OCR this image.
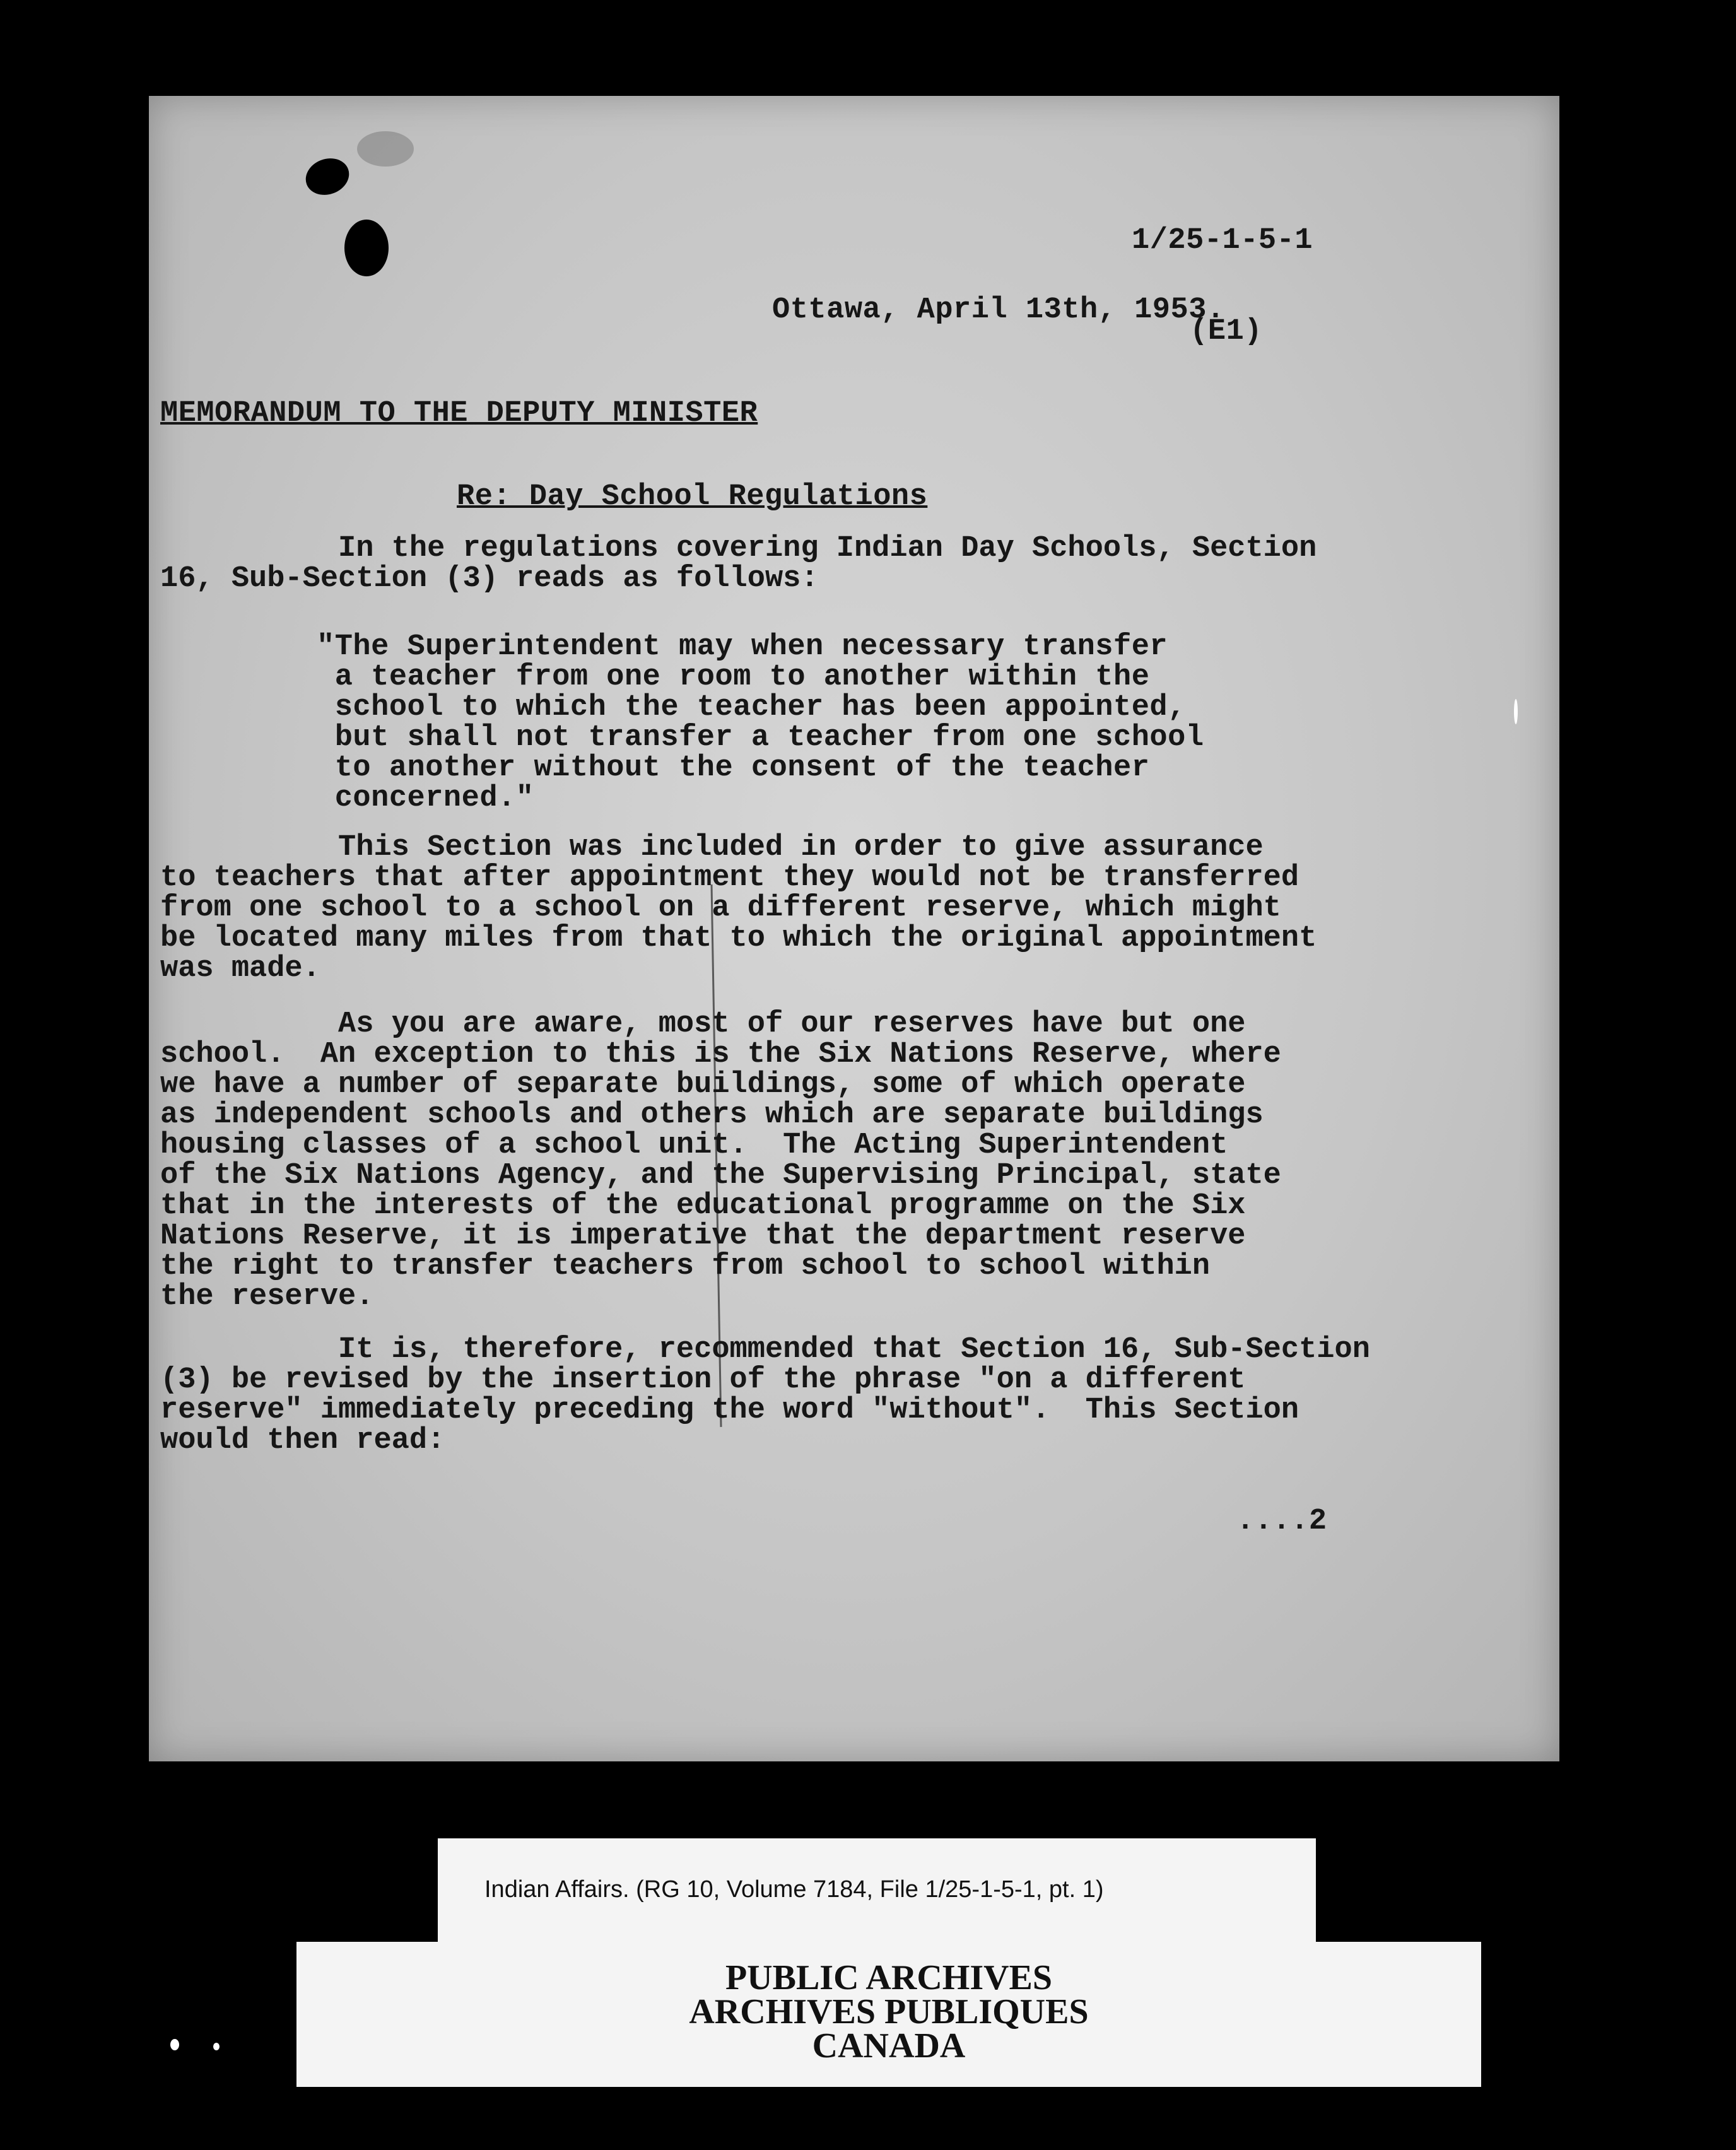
1/25-1-5-1

(E1)

Ottawa, April 13th, 1953.
MEMORANDUM TO THE DEPUTY MINISTER
Re: Day School Regulations
In the regulations covering Indian Day Schools, Section
16, Sub-Section (3) reads as follows:
"The Superintendent may when necessary transfer
a teacher from one room to another within the
school to which the teacher has been appointed,
but shall not transfer a teacher from one school
to another without the consent of the teacher
concerned."
This Section was included in order to give assurance
to teachers that after appointment they would not be transferred
from one school to a school on a different reserve, which might
be located many miles from that to which the original appointment
was made.
As you are aware, most of our reserves have but one
school.  An exception to this is the Six Nations Reserve, where
we have a number of separate buildings, some of which operate
as independent schools and others which are separate buildings
housing classes of a school unit.  The Acting Superintendent
of the Six Nations Agency, and the Supervising Principal, state
that in the interests of the educational programme on the Six
Nations Reserve, it is imperative that the department reserve
the right to transfer teachers from school to school within
the reserve.
It is, therefore, recommended that Section 16, Sub-Section
(3) be revised by the insertion of the phrase "on a different
reserve" immediately preceding the word "without".  This Section
would then read:
....2
Indian Affairs. (RG 10, Volume 7184, File 1/25-1-5-1, pt. 1)
PUBLIC ARCHIVES
ARCHIVES PUBLIQUES
CANADA
